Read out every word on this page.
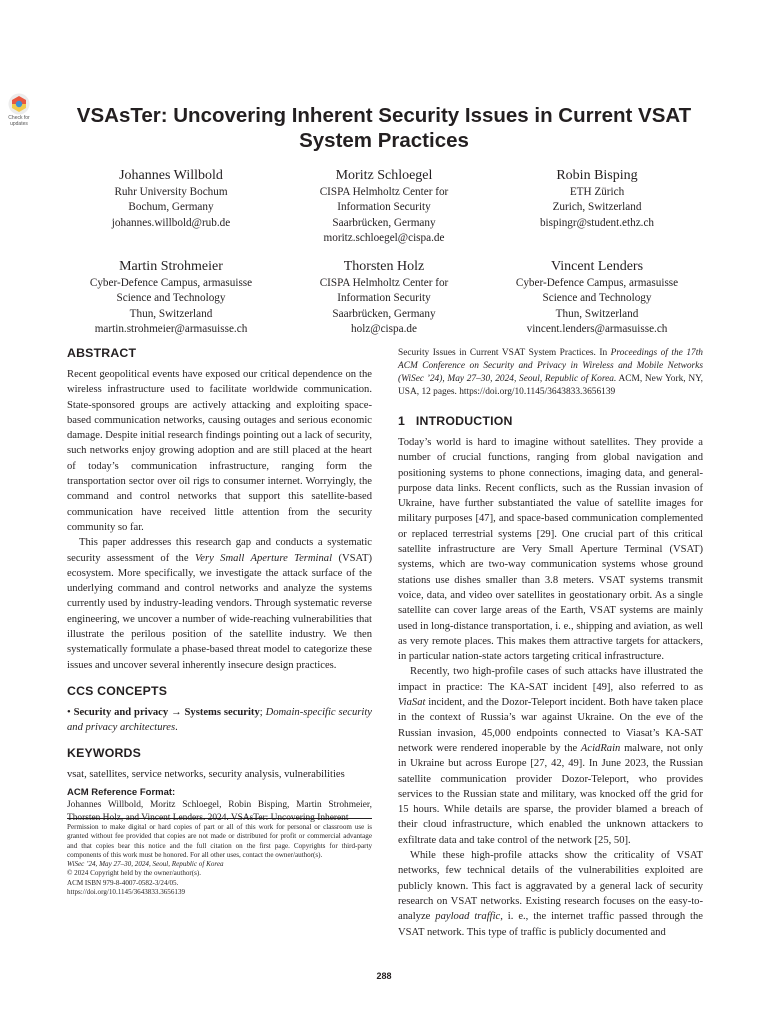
Check for
updates	VSAsTer: Uncovering Inherent Security Issues in Current VSAT
System Practices
Johannes Willbold
Ruhr University Bochum
Bochum, Germany
johannes.willbold@rub.de
Moritz Schloegel
CISPA Helmholtz Center for
Information Security
Saarbrücken, Germany
moritz.schloegel@cispa.de
Robin Bisping
ETH Zürich
Zurich, Switzerland
bispingr@student.ethz.ch
Martin Strohmeier
Cyber-Defence Campus, armasuisse
Science and Technology
Thun, Switzerland
martin.strohmeier@armasuisse.ch
Thorsten Holz
CISPA Helmholtz Center for
Information Security
Saarbrücken, Germany
holz@cispa.de
Vincent Lenders
Cyber-Defence Campus, armasuisse
Science and Technology
Thun, Switzerland
vincent.lenders@armasuisse.ch
ABSTRACT

Recent geopolitical events have exposed our critical dependence on the wireless infrastructure used to facilitate worldwide communication. State-sponsored groups are actively attacking and exploiting space-based communication networks, causing outages and serious economic damage. Despite initial research findings pointing out a lack of security, such networks enjoy growing adoption and are still placed at the heart of today’s communication infrastructure, ranging form the transportation sector over oil rigs to consumer internet. Worryingly, the command and control networks that support this satellite-based communication have received little attention from the security community so far.

This paper addresses this research gap and conducts a systematic security assessment of the Very Small Aperture Terminal (VSAT) ecosystem. More specifically, we investigate the attack surface of the underlying command and control networks and analyze the systems currently used by industry-leading vendors. Through systematic reverse engineering, we uncover a number of wide-reaching vulnerabilities that illustrate the perilous position of the satellite industry. We then systematically formulate a phase-based threat model to categorize these issues and uncover several inherently insecure design practices.

CCS CONCEPTS

• Security and privacy → Systems security; Domain-specific security and privacy architectures.

KEYWORDS

vsat, satellites, service networks, security analysis, vulnerabilities

ACM Reference Format:

Johannes Willbold, Moritz Schloegel, Robin Bisping, Martin Strohmeier, Thorsten Holz, and Vincent Lenders. 2024. VSAsTer: Uncovering Inherent

Permission to make digital or hard copies of part or all of this work for personal or classroom use is granted without fee provided that copies are not made or distributed for profit or commercial advantage and that copies bear this notice and the full citation on the first page. Copyrights for third-party components of this work must be honored. For all other uses, contact the owner/author(s).
WiSec ’24, May 27–30, 2024, Seoul, Republic of Korea
© 2024 Copyright held by the owner/author(s).
ACM ISBN 979-8-4007-0582-3/24/05.
https://doi.org/10.1145/3643833.3656139

Security Issues in Current VSAT System Practices. In Proceedings of the 17th ACM Conference on Security and Privacy in Wireless and Mobile Networks (WiSec ’24), May 27–30, 2024, Seoul, Republic of Korea. ACM, New York, NY, USA, 12 pages. https://doi.org/10.1145/3643833.3656139

1   INTRODUCTION

Today’s world is hard to imagine without satellites. They provide a number of crucial functions, ranging from global navigation and positioning systems to phone connections, imaging data, and general-purpose data links. Recent conflicts, such as the Russian invasion of Ukraine, have further substantiated the value of satellite images for military purposes [47], and space-based communication complemented or replaced terrestrial systems [29]. One crucial part of this critical satellite infrastructure are Very Small Aperture Terminal (VSAT) systems, which are two-way communication systems whose ground stations use dishes smaller than 3.8 meters. VSAT systems transmit voice, data, and video over satellites in geostationary orbit. As a single satellite can cover large areas of the Earth, VSAT systems are mainly used in long-distance transportation, i. e., shipping and aviation, as well as very remote places. This makes them attractive targets for attackers, in particular nation-state actors targeting critical infrastructure.

Recently, two high-profile cases of such attacks have illustrated the impact in practice: The KA-SAT incident [49], also referred to as ViaSat incident, and the Dozor-Teleport incident. Both have taken place in the context of Russia’s war against Ukraine. On the eve of the Russian invasion, 45,000 endpoints connected to Viasat’s KA-SAT network were rendered inoperable by the AcidRain malware, not only in Ukraine but across Europe [27, 42, 49]. In June 2023, the Russian satellite communication provider Dozor-Teleport, who provides services to the Russian state and military, was knocked off the grid for 15 hours. While details are sparse, the provider blamed a breach of their cloud infrastructure, which enabled the unknown attackers to exfiltrate data and take control of the network [25, 50].

While these high-profile attacks show the criticality of VSAT networks, few technical details of the vulnerabilities exploited are publicly known. This fact is aggravated by a general lack of security research on VSAT networks. Existing research focuses on the easy-to-analyze payload traffic, i. e., the internet traffic passed through the VSAT network. This type of traffic is publicly documented and

288
